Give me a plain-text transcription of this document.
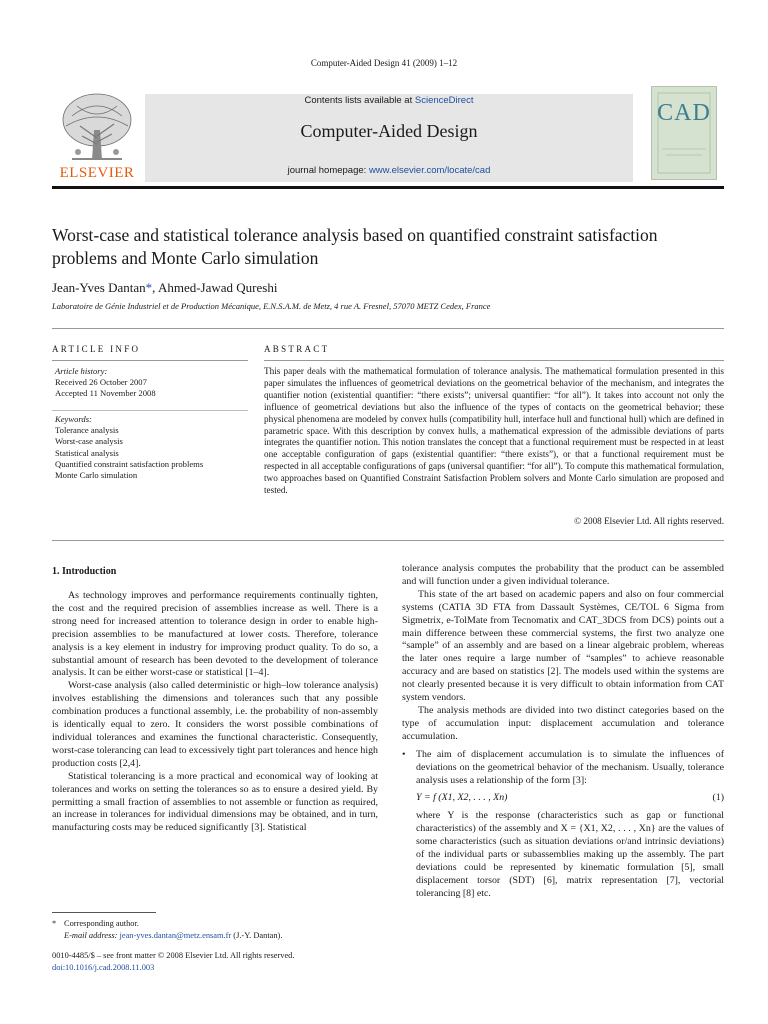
Computer-Aided Design 41 (2009) 1–12
Contents lists available at ScienceDirect
Computer-Aided Design
journal homepage: www.elsevier.com/locate/cad
ELSEVIER
CAD
Worst-case and statistical tolerance analysis based on quantified constraint satisfaction problems and Monte Carlo simulation
Jean-Yves Dantan*, Ahmed-Jawad Qureshi
Laboratoire de Génie Industriel et de Production Mécanique, E.N.S.A.M. de Metz, 4 rue A. Fresnel, 57070 METZ Cedex, France
ARTICLE INFO	ABSTRACT
Article history:
Received 26 October 2007
Accepted 11 November 2008
Keywords:
Tolerance analysis
Worst-case analysis
Statistical analysis
Quantified constraint satisfaction problems
Monte Carlo simulation
This paper deals with the mathematical formulation of tolerance analysis. The mathematical formulation presented in this paper simulates the influences of geometrical deviations on the geometrical behavior of the mechanism, and integrates the quantifier notion (existential quantifier: “there exists”; universal quantifier: “for all”). It takes into account not only the influence of geometrical deviations but also the influence of the types of contacts on the geometrical behavior; these physical phenomena are modeled by convex hulls (compatibility hull, interface hull and functional hull) which are defined in parametric space. With this description by convex hulls, a mathematical expression of the admissible deviations of parts integrates the quantifier notion. This notion translates the concept that a functional requirement must be respected in at least one acceptable configuration of gaps (existential quantifier: “there exists”), or that a functional requirement must be respected in all acceptable configurations of gaps (universal quantifier: “for all”). To compute this mathematical formulation, two approaches based on Quantified Constraint Satisfaction Problem solvers and Monte Carlo simulation are proposed and tested.
© 2008 Elsevier Ltd. All rights reserved.
1. Introduction

As technology improves and performance requirements continually tighten, the cost and the required precision of assemblies increase as well. There is a strong need for increased attention to tolerance design in order to enable high-precision assemblies to be manufactured at lower costs. Therefore, tolerance analysis is a key element in industry for improving product quality. To do so, a substantial amount of research has been devoted to the development of tolerance analysis. It can be either worst-case or statistical [1–4].

Worst-case analysis (also called deterministic or high–low tolerance analysis) involves establishing the dimensions and tolerances such that any possible combination produces a functional assembly, i.e. the probability of non-assembly is identically equal to zero. It considers the worst possible combinations of individual tolerances and examines the functional characteristic. Consequently, worst-case tolerancing can lead to excessively tight part tolerances and hence high production costs [2,4].

Statistical tolerancing is a more practical and economical way of looking at tolerances and works on setting the tolerances so as to ensure a desired yield. By permitting a small fraction of assemblies to not assemble or function as required, an increase in tolerances for individual dimensions may be obtained, and in turn, manufacturing costs may be reduced significantly [3]. Statistical

tolerance analysis computes the probability that the product can be assembled and will function under a given individual tolerance.

This state of the art based on academic papers and also on four commercial systems (CATIA 3D FTA from Dassault Systèmes, CE/TOL 6 Sigma from Sigmetrix, e-TolMate from Tecnomatix and CAT_3DCS from DCS) points out a main difference between these commercial systems, the first two analyze one “sample” of an assembly and are based on a linear algebraic problem, whereas the later ones require a large number of “samples” to achieve reasonable accuracy and are based on statistics [2]. The models used within the systems are not clearly presented because it is very difficult to obtain information from CAT system vendors.

The analysis methods are divided into two distinct categories based on the type of accumulation input: displacement accumulation and tolerance accumulation.

• The aim of displacement accumulation is to simulate the influences of deviations on the geometrical behavior of the mechanism. Usually, tolerance analysis uses a relationship of the form [3]:

Y = f (X1, X2, . . . , Xn)	(1)

where Y is the response (characteristics such as gap or functional characteristics) of the assembly and X = {X1, X2, . . . , Xn} are the values of some characteristics (such as situation deviations or/and intrinsic deviations) of the individual parts or subassemblies making up the assembly. The part deviations could be represented by kinematic formulation [5], small displacement torsor (SDT) [6], matrix representation [7], vectorial tolerancing [8] etc.

* Corresponding author.
E-mail address: jean-yves.dantan@metz.ensam.fr (J.-Y. Dantan).
0010-4485/$ – see front matter © 2008 Elsevier Ltd. All rights reserved.
doi:10.1016/j.cad.2008.11.003
